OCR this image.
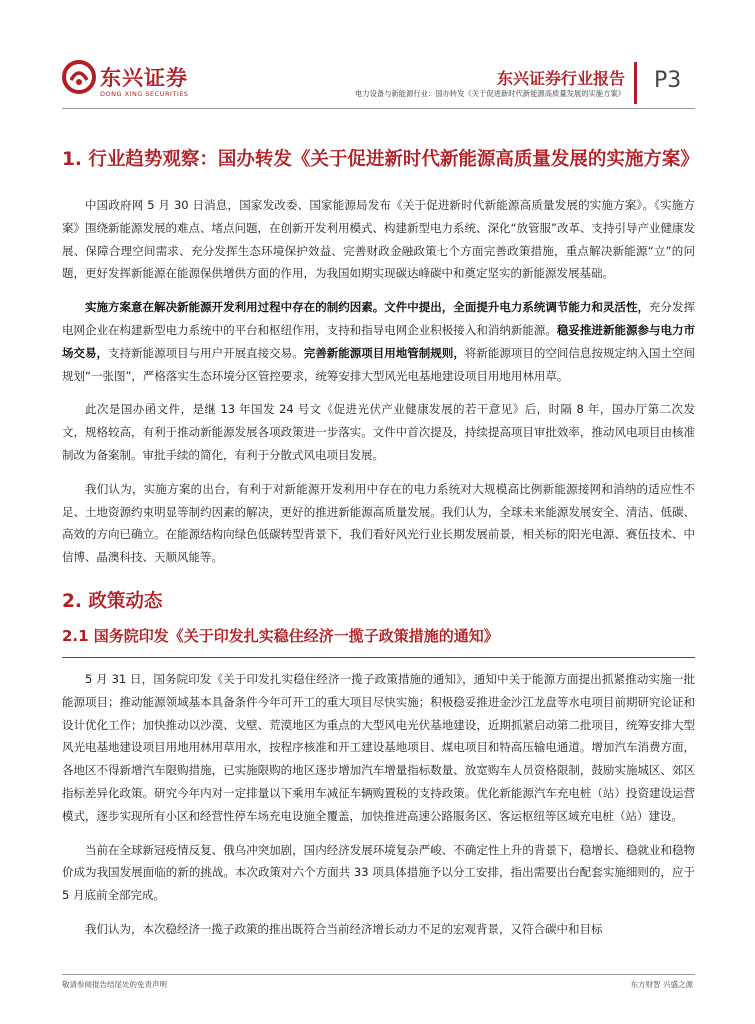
东兴证券
DONG XING SECURITIES
东兴证券行业报告
电力设备与新能源行业：国办转发《关于促进新时代新能源高质量发展的实施方案》
P3
1. 行业趋势观察：国办转发《关于促进新时代新能源高质量发展的实施方案》

中国政府网 5 月 30 日消息，国家发改委、国家能源局发布《关于促进新时代新能源高质量发展的实施方案》。《实施方案》围绕新能源发展的难点、堵点问题，在创新开发利用模式、构建新型电力系统、深化“放管服”改革、支持引导产业健康发展、保障合理空间需求、充分发挥生态环境保护效益、完善财政金融政策七个方面完善政策措施，重点解决新能源“立”的问题，更好发挥新能源在能源保供增供方面的作用，为我国如期实现碳达峰碳中和奠定坚实的新能源发展基础。

实施方案意在解决新能源开发利用过程中存在的制约因素。文件中提出，全面提升电力系统调节能力和灵活性，充分发挥电网企业在构建新型电力系统中的平台和枢纽作用，支持和指导电网企业积极接入和消纳新能源。稳妥推进新能源参与电力市场交易，支持新能源项目与用户开展直接交易。完善新能源项目用地管制规则，将新能源项目的空间信息按规定纳入国土空间规划“一张图”，严格落实生态环境分区管控要求，统筹安排大型风光电基地建设项目用地用林用草。

此次是国办函文件，是继 13 年国发 24 号文《促进光伏产业健康发展的若干意见》后，时隔 8 年，国办厅第二次发文，规格较高，有利于推动新能源发展各项政策进一步落实。文件中首次提及，持续提高项目审批效率，推动风电项目由核准制改为备案制。审批手续的简化，有利于分散式风电项目发展。

我们认为，实施方案的出台，有利于对新能源开发利用中存在的电力系统对大规模高比例新能源接网和消纳的适应性不足、土地资源约束明显等制约因素的解决，更好的推进新能源高质量发展。我们认为，全球未来能源发展安全、清洁、低碳、高效的方向已确立。在能源结构向绿色低碳转型背景下，我们看好风光行业长期发展前景，相关标的阳光电源、赛伍技术、中信博、晶澳科技、天顺风能等。

2. 政策动态
2.1 国务院印发《关于印发扎实稳住经济一揽子政策措施的通知》

5 月 31 日，国务院印发《关于印发扎实稳住经济一揽子政策措施的通知》，通知中关于能源方面提出抓紧推动实施一批能源项目；推动能源领域基本具备条件今年可开工的重大项目尽快实施；积极稳妥推进金沙江龙盘等水电项目前期研究论证和设计优化工作；加快推动以沙漠、戈壁、荒漠地区为重点的大型风电光伏基地建设，近期抓紧启动第二批项目，统筹安排大型风光电基地建设项目用地用林用草用水，按程序核准和开工建设基地项目、煤电项目和特高压输电通道。增加汽车消费方面，各地区不得新增汽车限购措施，已实施限购的地区逐步增加汽车增量指标数量、放宽购车人员资格限制，鼓励实施城区、郊区指标差异化政策。研究今年内对一定排量以下乘用车减征车辆购置税的支持政策。优化新能源汽车充电桩（站）投资建设运营模式，逐步实现所有小区和经营性停车场充电设施全覆盖，加快推进高速公路服务区、客运枢纽等区域充电桩（站）建设。

当前在全球新冠疫情反复、俄乌冲突加剧，国内经济发展环境复杂严峻、不确定性上升的背景下，稳增长、稳就业和稳物价成为我国发展面临的新的挑战。本次政策对六个方面共 33 项具体措施予以分工安排，指出需要出台配套实施细则的，应于 5 月底前全部完成。

我们认为，本次稳经济一揽子政策的推出既符合当前经济增长动力不足的宏观背景，又符合碳中和目标

敬请参阅报告结尾处的免责声明	东方财智 兴盛之源
